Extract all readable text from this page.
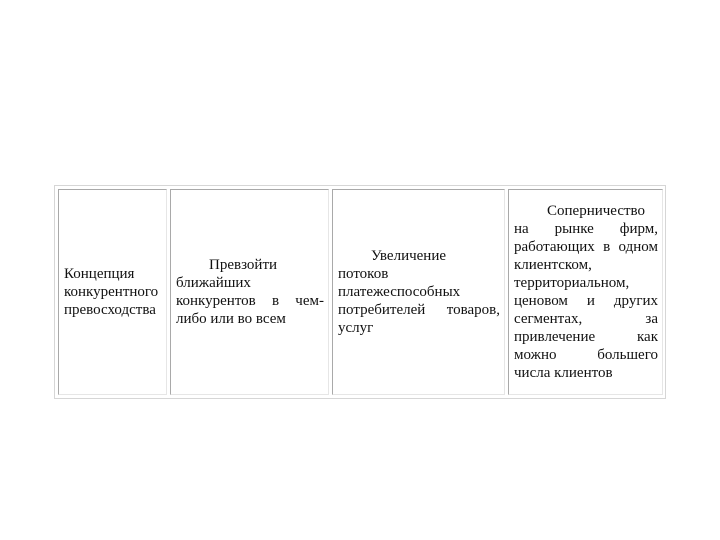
Концепция конкурентного превосходства

Превзойти ближайших конкурентов в чем-либо или во всем

Увеличение потоков платежеспособных потребителей товаров, услуг

Соперничество на рынке фирм, работающих в одном клиентском, территориальном, ценовом и других сегментах, за привлечение как можно большего числа клиентов
